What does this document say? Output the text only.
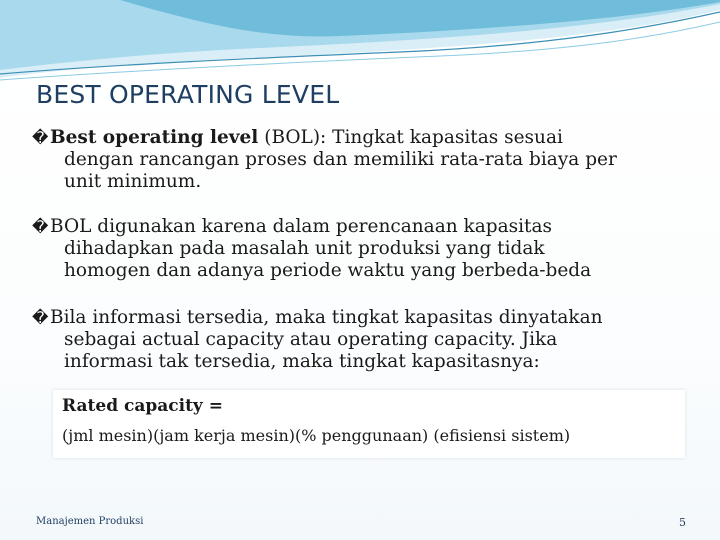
BEST OPERATING LEVEL
� Best operating level (BOL): Tingkat kapasitas sesuai
dengan rancangan proses dan memiliki rata-rata biaya per
unit minimum.
� BOL digunakan karena dalam perencanaan kapasitas
dihadapkan pada masalah unit produksi yang tidak
homogen dan adanya periode waktu yang berbeda-beda
� Bila informasi tersedia, maka tingkat kapasitas dinyatakan
sebagai actual capacity atau operating capacity. Jika
informasi tak tersedia, maka tingkat kapasitasnya:
Rated capacity =
(jml mesin)(jam kerja mesin)(% penggunaan) (efisiensi sistem)
Manajemen Produksi	5
